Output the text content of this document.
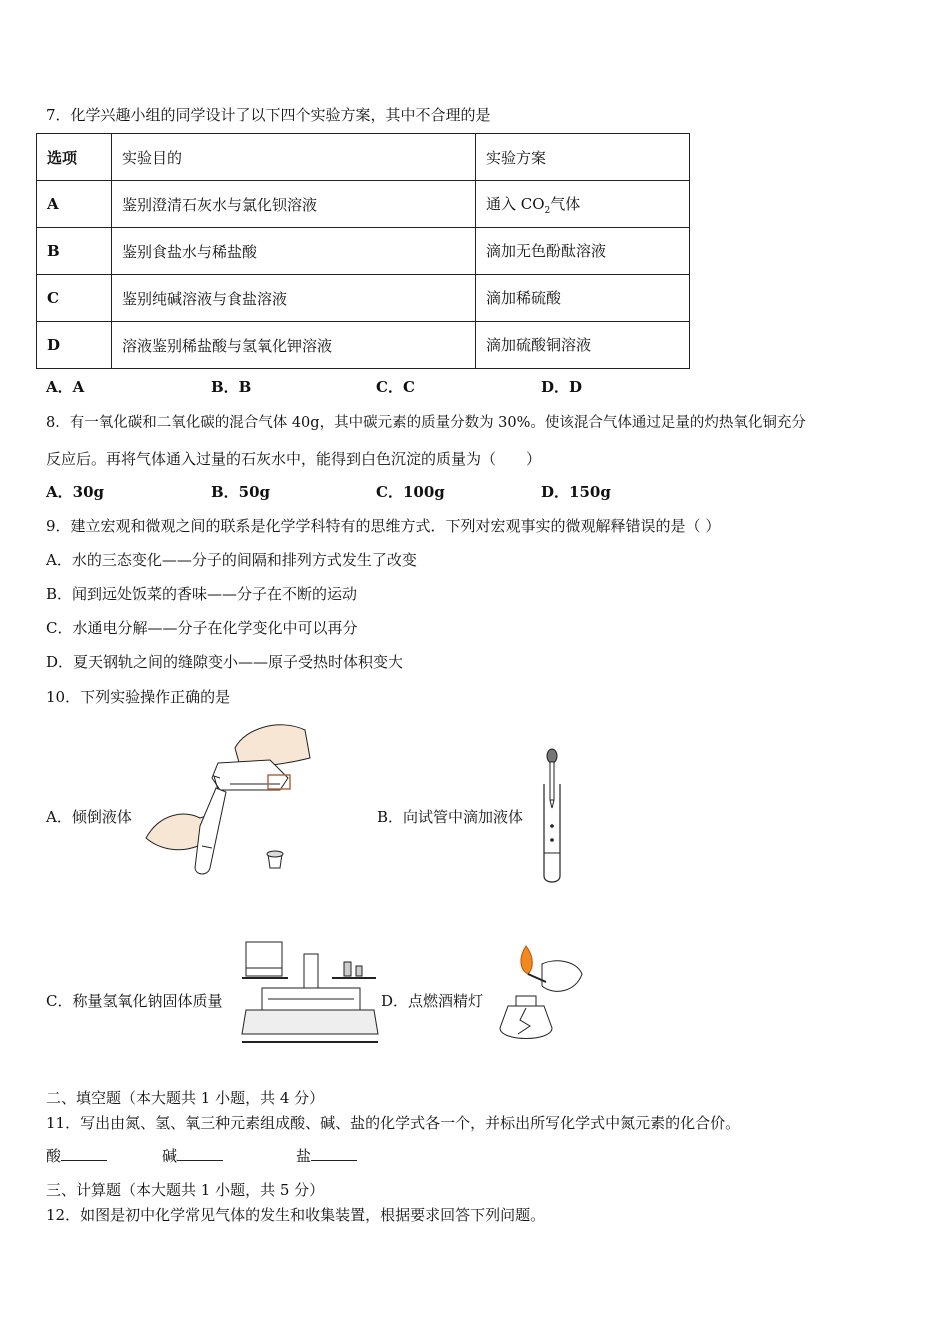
7．化学兴趣小组的同学设计了以下四个实验方案，其中不合理的是
选项	实验目的	实验方案
A	鉴别澄清石灰水与氯化钡溶液	通入 $CO_2$气体
B	鉴别食盐水与稀盐酸	滴加无色酚酞溶液
C	鉴别纯碱溶液与食盐溶液	滴加稀硫酸
D	溶液鉴别稀盐酸与氢氧化钾溶液	滴加硫酸铜溶液
A．A	B．B	C．C	D．D
8．有一氧化碳和二氧化碳的混合气体 40g，其中碳元素的质量分数为 30%。使该混合气体通过足量的灼热氧化铜充分
反应后。再将气体通入过量的石灰水中，能得到白色沉淀的质量为（　　）
A．30g	B．50g	C．100g	D．150g
9．建立宏观和微观之间的联系是化学学科特有的思维方式．下列对宏观事实的微观解释错误的是（ ）
A．水的三态变化——分子的间隔和排列方式发生了改变
B．闻到远处饭菜的香味——分子在不断的运动
C．水通电分解——分子在化学变化中可以再分
D．夏天钢轨之间的缝隙变小——原子受热时体积变大
10．下列实验操作正确的是
A．倾倒液体	B．向试管中滴加液体
C．称量氢氧化钠固体质量	D．点燃酒精灯
二、填空题（本大题共 1 小题，共 4 分）
11．写出由氮、氢、氧三种元素组成酸、碱、盐的化学式各一个，并标出所写化学式中氮元素的化合价。
酸	碱	盐
三、计算题（本大题共 1 小题，共 5 分）
12．如图是初中化学常见气体的发生和收集装置，根据要求回答下列问题。
